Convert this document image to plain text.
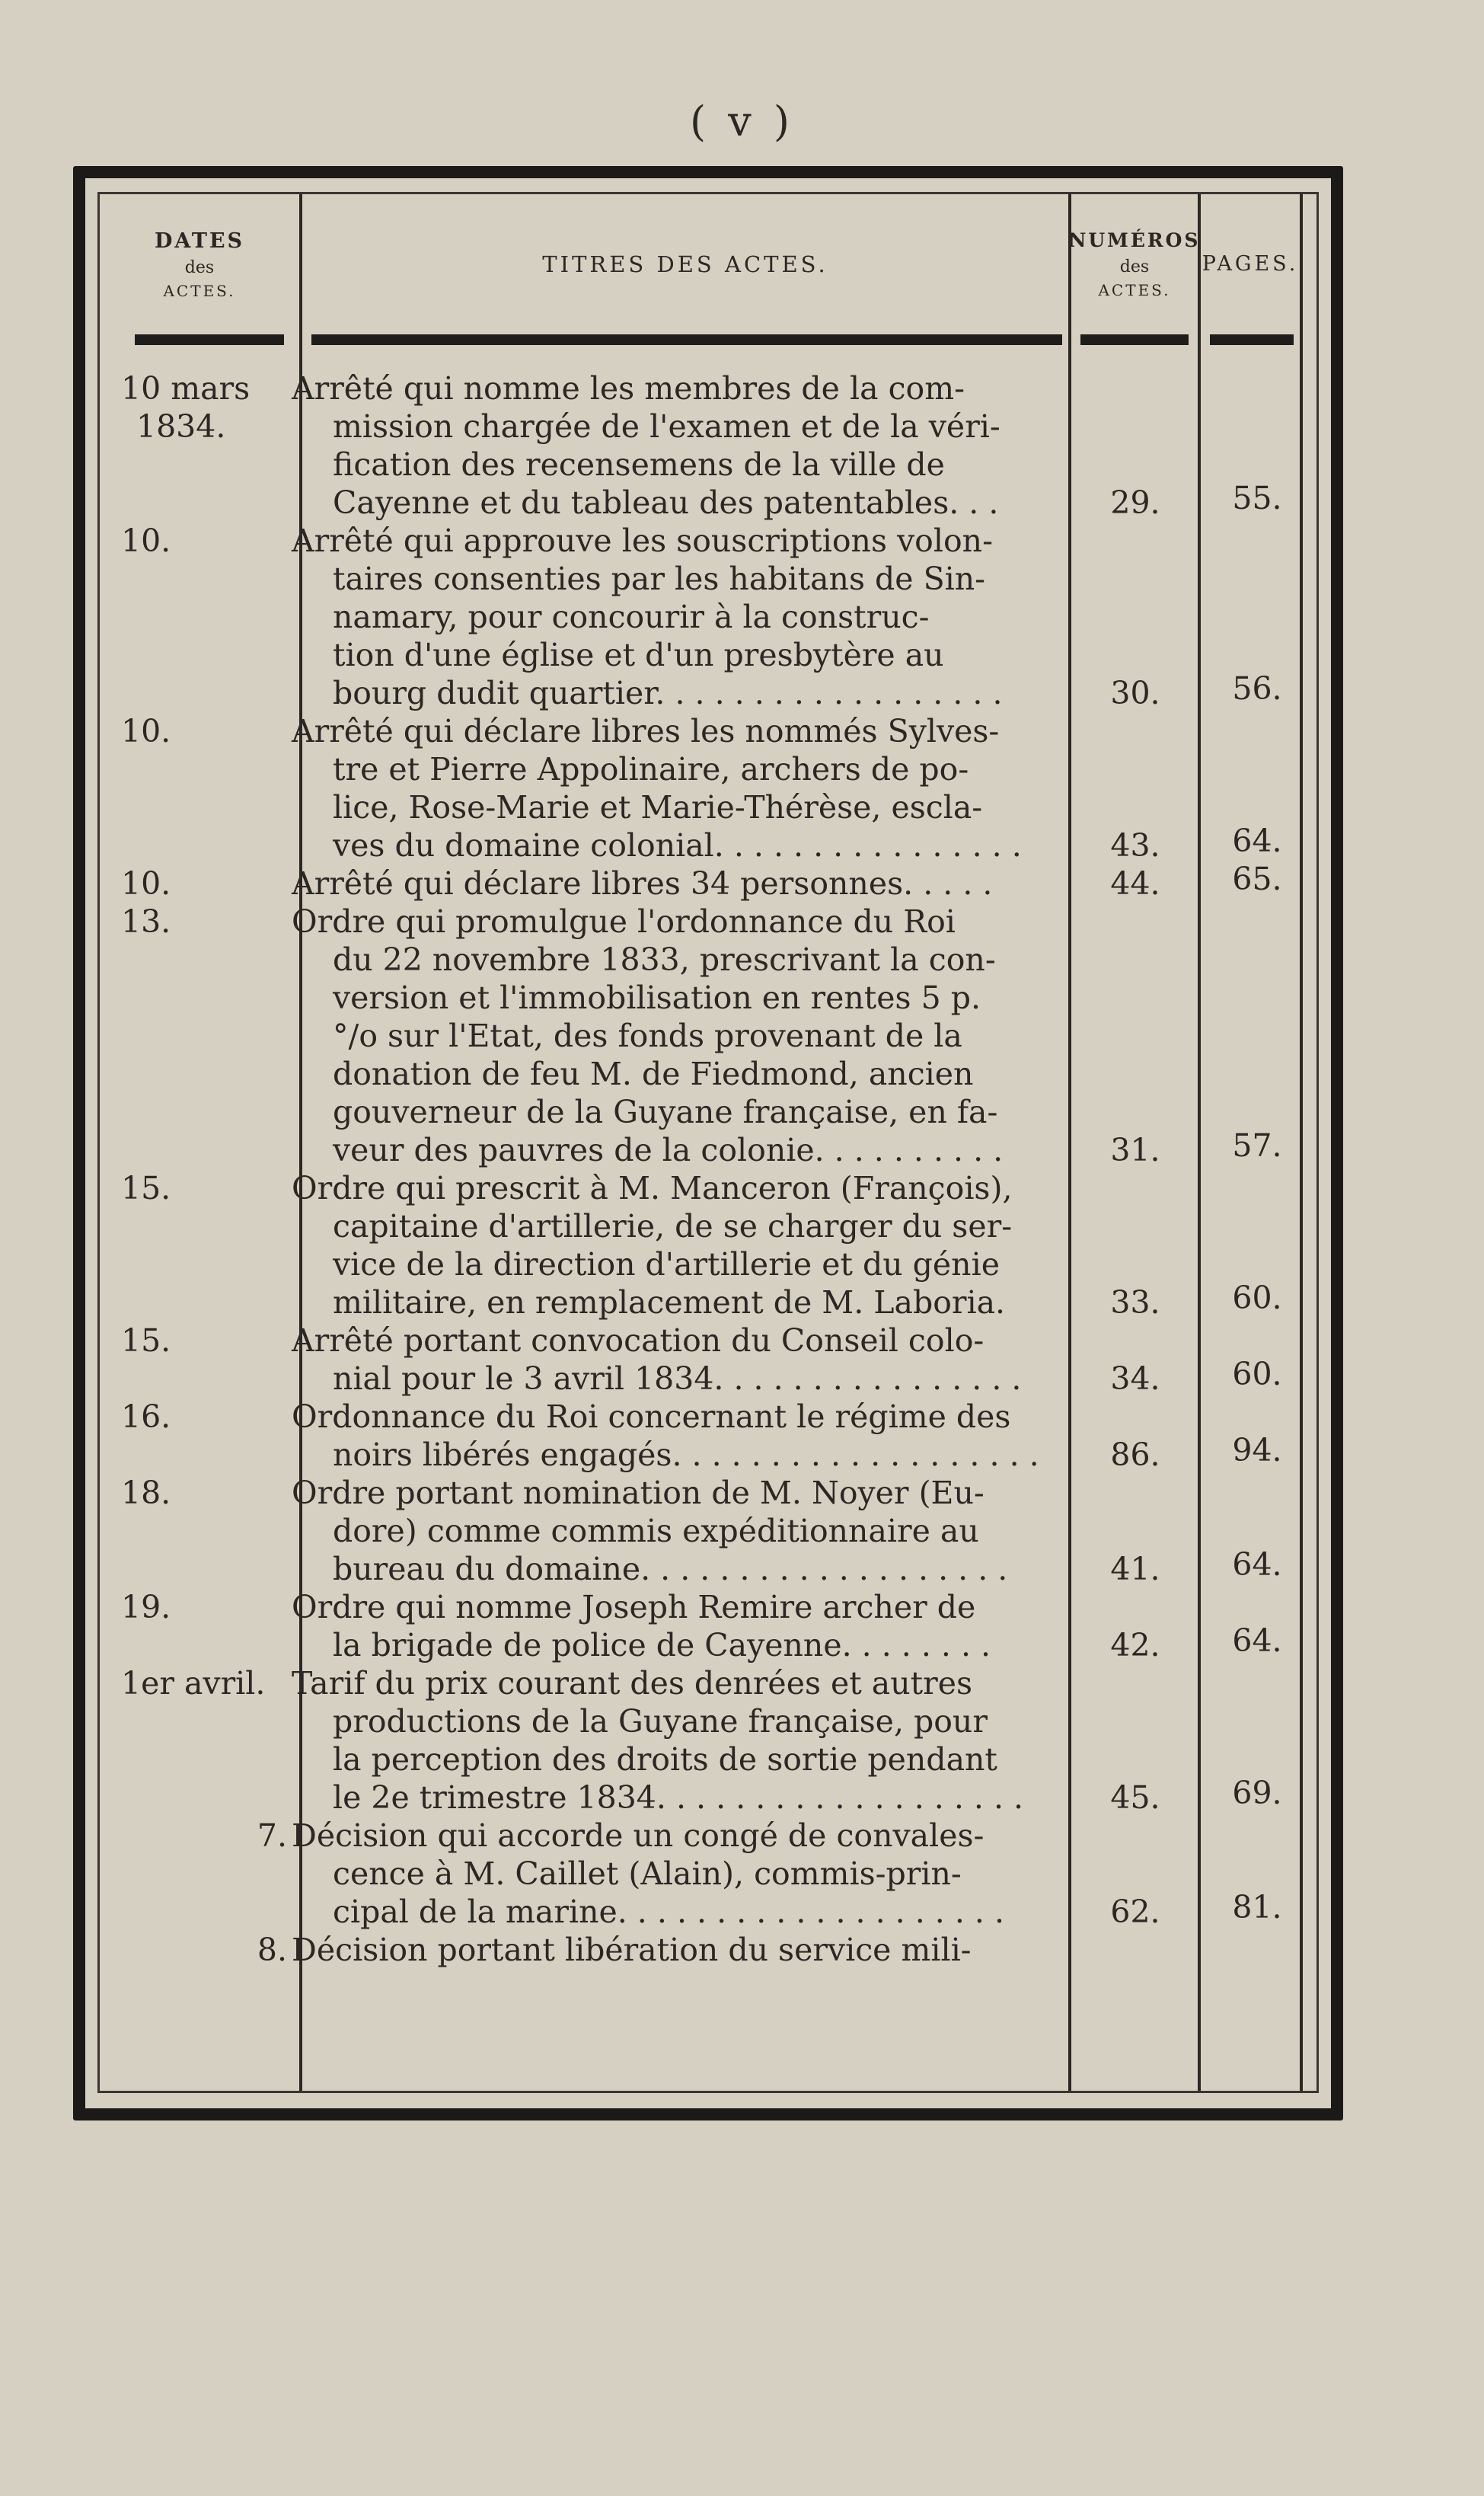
( v )
DATES
des
ACTES.
TITRES DES ACTES.
NUMÉROS
des
ACTES.
PAGES.
10 mars
1834.
Arrêté qui nomme les membres de la com-
mission chargée de l'examen et de la véri-
fication des recensemens de la ville de
Cayenne et du tableau des patentables. . .	29.	55.
10.	Arrêté qui approuve les souscriptions volon-
taires consenties par les habitans de Sin-
namary, pour concourir à la construc-
tion d'une église et d'un presbytère au
bourg dudit quartier. . . . . . . . . . . . . . . . . .	30.	56.
10.	Arrêté qui déclare libres les nommés Sylves-
tre et Pierre Appolinaire, archers de po-
lice, Rose-Marie et Marie-Thérèse, escla-
ves du domaine colonial. . . . . . . . . . . . . . . .	43.	64.
10.	Arrêté qui déclare libres 34 personnes. . . . .	44.	65.
13.	Ordre qui promulgue l'ordonnance du Roi
du 22 novembre 1833, prescrivant la con-
version et l'immobilisation en rentes 5 p.
°/o sur l'Etat, des fonds provenant de la
donation de feu M. de Fiedmond, ancien
gouverneur de la Guyane française, en fa-
veur des pauvres de la colonie. . . . . . . . . .	31.	57.
15.	Ordre qui prescrit à M. Manceron (François),
capitaine d'artillerie, de se charger du ser-
vice de la direction d'artillerie et du génie
militaire, en remplacement de M. Laboria.	33.	60.
15.	Arrêté portant convocation du Conseil colo-
nial pour le 3 avril 1834. . . . . . . . . . . . . . . .	34.	60.
16.	Ordonnance du Roi concernant le régime des
noirs libérés engagés. . . . . . . . . . . . . . . . . . .	86.	94.
18.	Ordre portant nomination de M. Noyer (Eu-
dore) comme commis expéditionnaire au
bureau du domaine. . . . . . . . . . . . . . . . . . .	41.	64.
19.	Ordre qui nomme Joseph Remire archer de
la brigade de police de Cayenne. . . . . . . .	42.	64.
1er avril. Tarif du prix courant des denrées et autres
productions de la Guyane française, pour
la perception des droits de sortie pendant
le 2e trimestre 1834. . . . . . . . . . . . . . . . . . .	45.	69.
7. Décision qui accorde un congé de convales-
cence à M. Caillet (Alain), commis-prin-
cipal de la marine. . . . . . . . . . . . . . . . . . . .	62.	81.
8. Décision portant libération du service mili-
